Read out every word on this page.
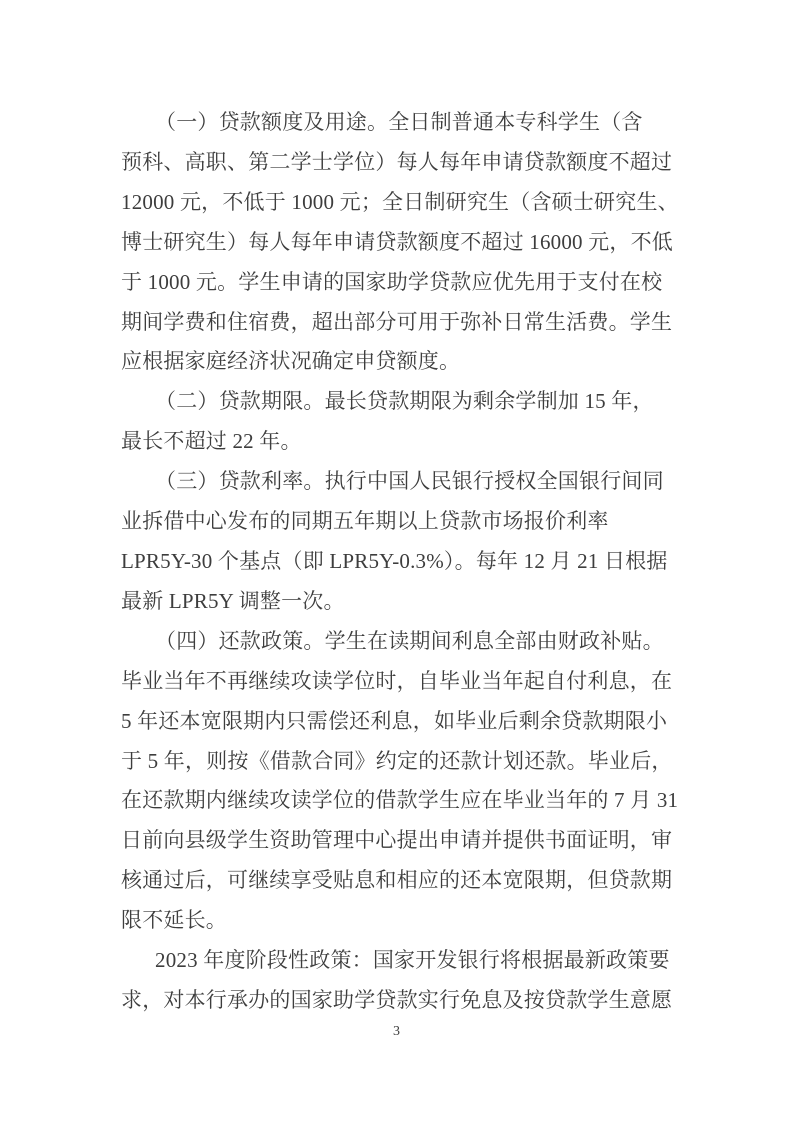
（一）贷款额度及用途。全日制普通本专科学生（含
预科、高职、第二学士学位）每人每年申请贷款额度不超过
12000 元，不低于 1000 元；全日制研究生（含硕士研究生、
博士研究生）每人每年申请贷款额度不超过 16000 元，不低
于 1000 元。学生申请的国家助学贷款应优先用于支付在校
期间学费和住宿费，超出部分可用于弥补日常生活费。学生
应根据家庭经济状况确定申贷额度。
（二）贷款期限。最长贷款期限为剩余学制加 15 年，
最长不超过 22 年。
（三）贷款利率。执行中国人民银行授权全国银行间同
业拆借中心发布的同期五年期以上贷款市场报价利率
LPR5Y-30 个基点（即 LPR5Y-0.3%）。每年 12 月 21 日根据
最新 LPR5Y 调整一次。
（四）还款政策。学生在读期间利息全部由财政补贴。
毕业当年不再继续攻读学位时，自毕业当年起自付利息，在
5 年还本宽限期内只需偿还利息，如毕业后剩余贷款期限小
于 5 年，则按《借款合同》约定的还款计划还款。毕业后，
在还款期内继续攻读学位的借款学生应在毕业当年的 7 月 31
日前向县级学生资助管理中心提出申请并提供书面证明，审
核通过后，可继续享受贴息和相应的还本宽限期，但贷款期
限不延长。
2023 年度阶段性政策：国家开发银行将根据最新政策要
求，对本行承办的国家助学贷款实行免息及按贷款学生意愿
3
